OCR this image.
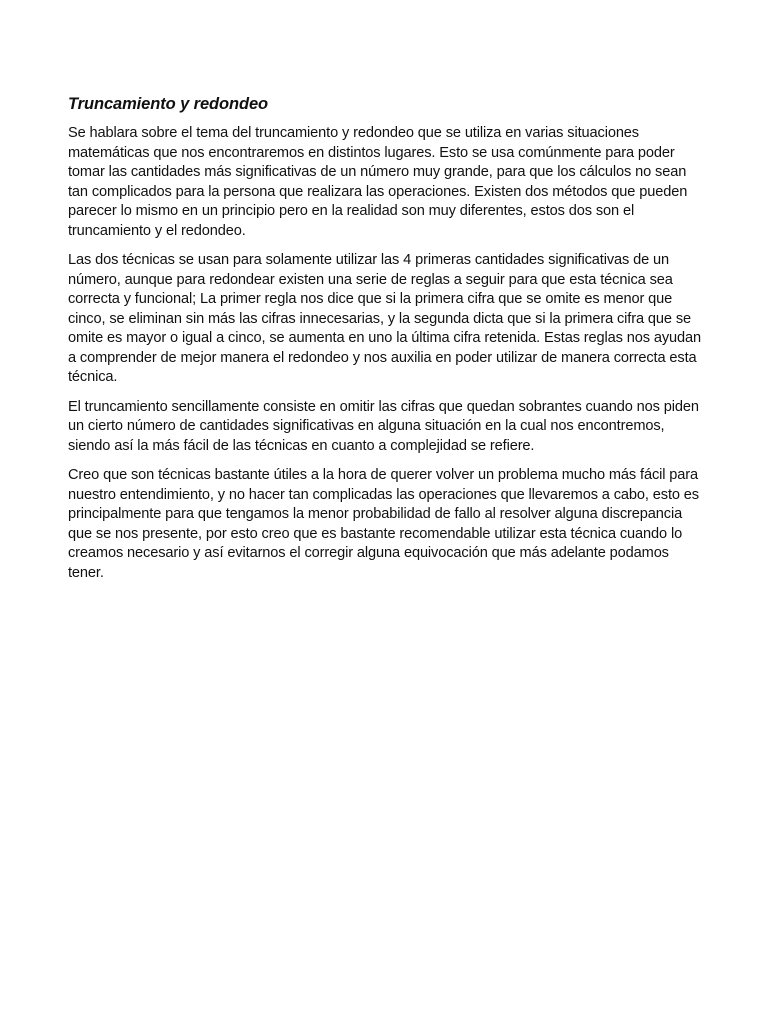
Truncamiento y redondeo

Se hablara sobre el tema del truncamiento y redondeo que se utiliza en varias situaciones matemáticas que nos encontraremos en distintos lugares. Esto se usa comúnmente para poder tomar las cantidades más significativas de un número muy grande, para que los cálculos no sean tan complicados para la persona que realizara las operaciones. Existen dos métodos que pueden parecer lo mismo en un principio pero en la realidad son muy diferentes, estos dos son el truncamiento y el redondeo.

Las dos técnicas se usan para solamente utilizar las 4 primeras cantidades significativas de un número, aunque para redondear existen una serie de reglas a seguir para que esta técnica sea correcta y funcional; La primer regla nos dice que si la primera cifra que se omite es menor que cinco, se eliminan sin más las cifras innecesarias, y la segunda dicta que si la primera cifra que se omite es mayor o igual a cinco, se aumenta en uno la última cifra retenida. Estas reglas nos ayudan a comprender de mejor manera el redondeo y nos auxilia en poder utilizar de manera correcta esta técnica.

El truncamiento sencillamente consiste en omitir las cifras que quedan sobrantes cuando nos piden un cierto número de cantidades significativas en alguna situación en la cual nos encontremos, siendo así la más fácil de las técnicas en cuanto a complejidad se refiere.

Creo que son técnicas bastante útiles a la hora de querer volver un problema mucho más fácil para nuestro entendimiento, y no hacer tan complicadas las operaciones que llevaremos a cabo, esto es principalmente para que tengamos la menor probabilidad de fallo al resolver alguna discrepancia que se nos presente, por esto creo que es bastante recomendable utilizar esta técnica cuando lo creamos necesario y así evitarnos el corregir alguna equivocación que más adelante podamos tener.
